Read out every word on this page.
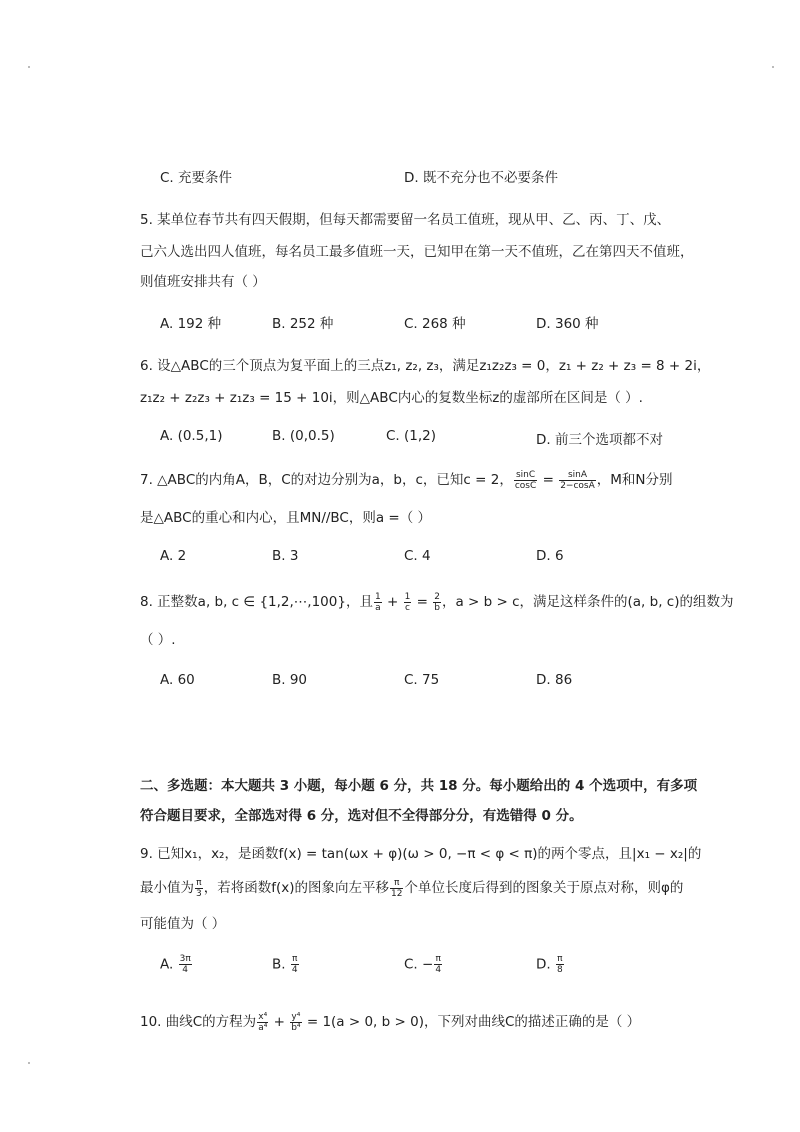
C. 充要条件	D. 既不充分也不必要条件
5. 某单位春节共有四天假期，但每天都需要留一名员工值班，现从甲、乙、丙、丁、戊、
己六人选出四人值班，每名员工最多值班一天，已知甲在第一天不值班，乙在第四天不值班，
则值班安排共有（ ）
A. 192 种	B. 252 种	C. 268 种	D. 360 种
6. 设△ABC的三个顶点为复平面上的三点z₁, z₂, z₃，满足z₁z₂z₃ = 0，z₁ + z₂ + z₃ = 8 + 2i，
z₁z₂ + z₂z₃ + z₁z₃ = 15 + 10i，则△ABC内心的复数坐标z的虚部所在区间是（ ）.
A. (0.5,1)	B. (0,0.5)	C. (1,2)	D. 前三个选项都不对
7. △ABC的内角A，B，C的对边分别为a，b，c，已知c = 2， $\frac{\sin C}{\cos C} = \frac{\sin A}{2-\cos A}$ ，M和N分别
是△ABC的重心和内心，且MN//BC，则a =（ ）
A. 2	B. 3	C. 4	D. 6
8. 正整数a, b, c ∈ {1,2,⋯,100}，且 $\frac{1}{a} + \frac{1}{c} = \frac{2}{b}$ ，a > b > c，满足这样条件的(a, b, c)的组数为
（ ）.
A. 60	B. 90	C. 75	D. 86
二、多选题：本大题共 3 小题，每小题 6 分，共 18 分。每小题给出的 4 个选项中，有多项
符合题目要求，全部选对得 6 分，选对但不全得部分分，有选错得 0 分。
9. 已知x₁，x₂，是函数f(x) = tan(ωx + φ)(ω > 0, −π < φ < π)的两个零点，且|x₁ − x₂|的
最小值为 $\frac{\pi}{3}$ ，若将函数f(x)的图象向左平移 $\frac{\pi}{12}$ 个单位长度后得到的图象关于原点对称，则φ的
可能值为（ ）
A. $\frac{3\pi}{4}$	B. $\frac{\pi}{4}$	C. − $\frac{\pi}{4}$	D. $\frac{\pi}{8}$
10. 曲线C的方程为 $\frac{\text{x⁴}}{\text{a⁴}} + \frac{\text{y⁴}}{\text{b⁴}} = 1(a > 0$, b > 0)，下列对曲线C的描述正确的是（ ）
